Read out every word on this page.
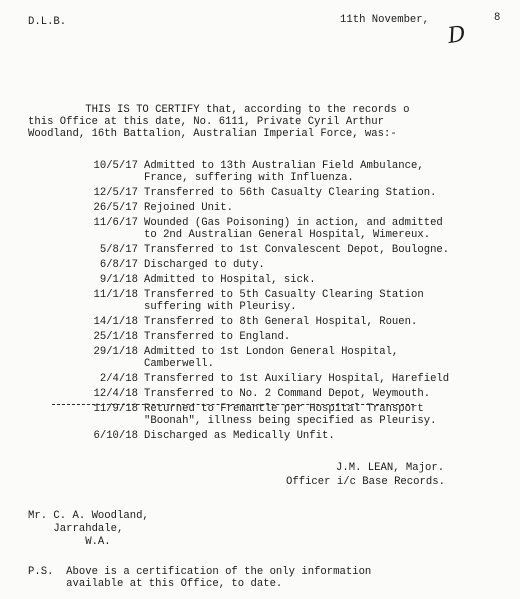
D.L.B.	11th November,	8
D
THIS IS TO CERTIFY that, according to the records o
this Office at this date, No. 6111, Private Cyril Arthur
Woodland, 16th Battalion, Australian Imperial Force, was:-
10/5/17 Admitted to 13th Australian Field Ambulance,
France, suffering with Influenza.
12/5/17 Transferred to 56th Casualty Clearing Station.
26/5/17 Rejoined Unit.
11/6/17 Wounded (Gas Poisoning) in action, and admitted
to 2nd Australian General Hospital, Wimereux.
5/8/17 Transferred to 1st Convalescent Depot, Boulogne.
6/8/17 Discharged to duty.
9/1/18 Admitted to Hospital, sick.
11/1/18 Transferred to 5th Casualty Clearing Station
suffering with Pleurisy.
14/1/18 Transferred to 8th General Hospital, Rouen.
25/1/18 Transferred to England.
29/1/18 Admitted to 1st London General Hospital,
Camberwell.
2/4/18 Transferred to 1st Auxiliary Hospital, Harefield
12/4/18 Transferred to No. 2 Command Depot, Weymouth.
11/9/18 Returned to Fremantle per Hospital Transport
"Boonah", illness being specified as Pleurisy.
6/10/18 Discharged as Medically Unfit.
J.M. LEAN, Major.
Officer i/c Base Records.
Mr. C. A. Woodland,
Jarrahdale,
W.A.
P.S.  Above is a certification of the only information
available at this Office, to date.
